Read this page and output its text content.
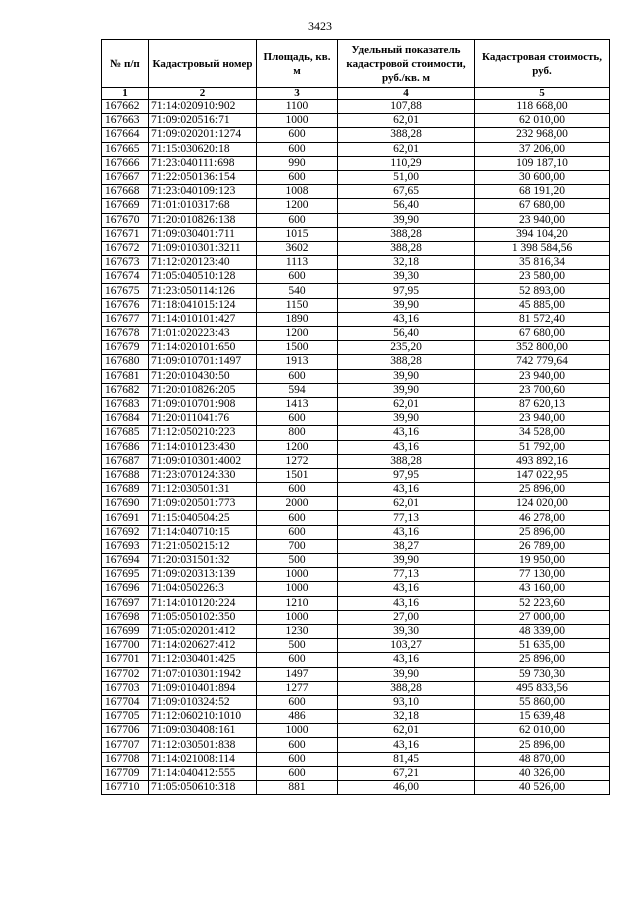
3423
№ п/п	Кадастровый номер	Площадь, кв. м	Удельный показатель кадастровой стоимости, руб./кв. м	Кадастровая стоимость, руб.
1	2	3	4	5
167662	71:14:020910:902	1100	107,88	118 668,00
167663	71:09:020516:71	1000	62,01	62 010,00
167664	71:09:020201:1274	600	388,28	232 968,00
167665	71:15:030620:18	600	62,01	37 206,00
167666	71:23:040111:698	990	110,29	109 187,10
167667	71:22:050136:154	600	51,00	30 600,00
167668	71:23:040109:123	1008	67,65	68 191,20
167669	71:01:010317:68	1200	56,40	67 680,00
167670	71:20:010826:138	600	39,90	23 940,00
167671	71:09:030401:711	1015	388,28	394 104,20
167672	71:09:010301:3211	3602	388,28	1 398 584,56
167673	71:12:020123:40	1113	32,18	35 816,34
167674	71:05:040510:128	600	39,30	23 580,00
167675	71:23:050114:126	540	97,95	52 893,00
167676	71:18:041015:124	1150	39,90	45 885,00
167677	71:14:010101:427	1890	43,16	81 572,40
167678	71:01:020223:43	1200	56,40	67 680,00
167679	71:14:020101:650	1500	235,20	352 800,00
167680	71:09:010701:1497	1913	388,28	742 779,64
167681	71:20:010430:50	600	39,90	23 940,00
167682	71:20:010826:205	594	39,90	23 700,60
167683	71:09:010701:908	1413	62,01	87 620,13
167684	71:20:011041:76	600	39,90	23 940,00
167685	71:12:050210:223	800	43,16	34 528,00
167686	71:14:010123:430	1200	43,16	51 792,00
167687	71:09:010301:4002	1272	388,28	493 892,16
167688	71:23:070124:330	1501	97,95	147 022,95
167689	71:12:030501:31	600	43,16	25 896,00
167690	71:09:020501:773	2000	62,01	124 020,00
167691	71:15:040504:25	600	77,13	46 278,00
167692	71:14:040710:15	600	43,16	25 896,00
167693	71:21:050215:12	700	38,27	26 789,00
167694	71:20:031501:32	500	39,90	19 950,00
167695	71:09:020313:139	1000	77,13	77 130,00
167696	71:04:050226:3	1000	43,16	43 160,00
167697	71:14:010120:224	1210	43,16	52 223,60
167698	71:05:050102:350	1000	27,00	27 000,00
167699	71:05:020201:412	1230	39,30	48 339,00
167700	71:14:020627:412	500	103,27	51 635,00
167701	71:12:030401:425	600	43,16	25 896,00
167702	71:07:010301:1942	1497	39,90	59 730,30
167703	71:09:010401:894	1277	388,28	495 833,56
167704	71:09:010324:52	600	93,10	55 860,00
167705	71:12:060210:1010	486	32,18	15 639,48
167706	71:09:030408:161	1000	62,01	62 010,00
167707	71:12:030501:838	600	43,16	25 896,00
167708	71:14:021008:114	600	81,45	48 870,00
167709	71:14:040412:555	600	67,21	40 326,00
167710	71:05:050610:318	881	46,00	40 526,00
